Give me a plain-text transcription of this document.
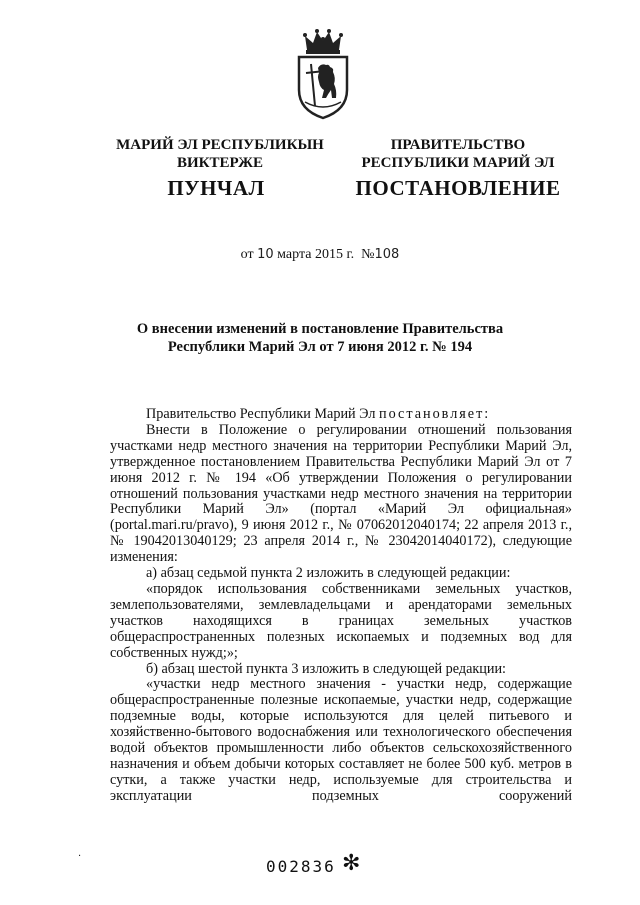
МАРИЙ ЭЛ РЕСПУБЛИКЫН
ВИКТЕРЖЕ
ПРАВИТЕЛЬСТВО
РЕСПУБЛИКИ МАРИЙ ЭЛ
ПУНЧАЛ	ПОСТАНОВЛЕНИЕ
от 10 марта 2015 г. №108
О внесении изменений в постановление Правительства
Республики Марий Эл от 7 июня 2012 г. № 194

Правительство Республики Марий Эл постановляет:

Внести в Положение о регулировании отношений пользования участками недр местного значения на территории Республики Марий Эл, утвержденное постановлением Правительства Республики Марий Эл от 7 июня 2012 г. № 194 «Об утверждении Положения о регулировании отношений пользования участками недр местного значения на территории Республики Марий Эл» (портал «Марий Эл официальная» (portal.mari.ru/pravo), 9 июня 2012 г., № 07062012040174; 22 апреля 2013 г., № 19042013040129; 23 апреля 2014 г., № 23042014040172), следующие изменения:

а) абзац седьмой пункта 2 изложить в следующей редакции:

«порядок использования собственниками земельных участков, землепользователями, землевладельцами и арендаторами земельных участков находящихся в границах земельных участков общераспространенных полезных ископаемых и подземных вод для собственных нужд;»;

б) абзац шестой пункта 3 изложить в следующей редакции:

«участки недр местного значения - участки недр, содержащие общераспространенные полезные ископаемые, участки недр, содержащие подземные воды, которые используются для целей питьевого и хозяйственно-бытового водоснабжения или технологического обеспечения водой объектов промышленности либо объектов сельскохозяйственного назначения и объем добычи которых составляет не более 500 куб. метров в сутки, а также участки недр, используемые для строительства и эксплуатации подземных сооружений

·
002836 ✻
